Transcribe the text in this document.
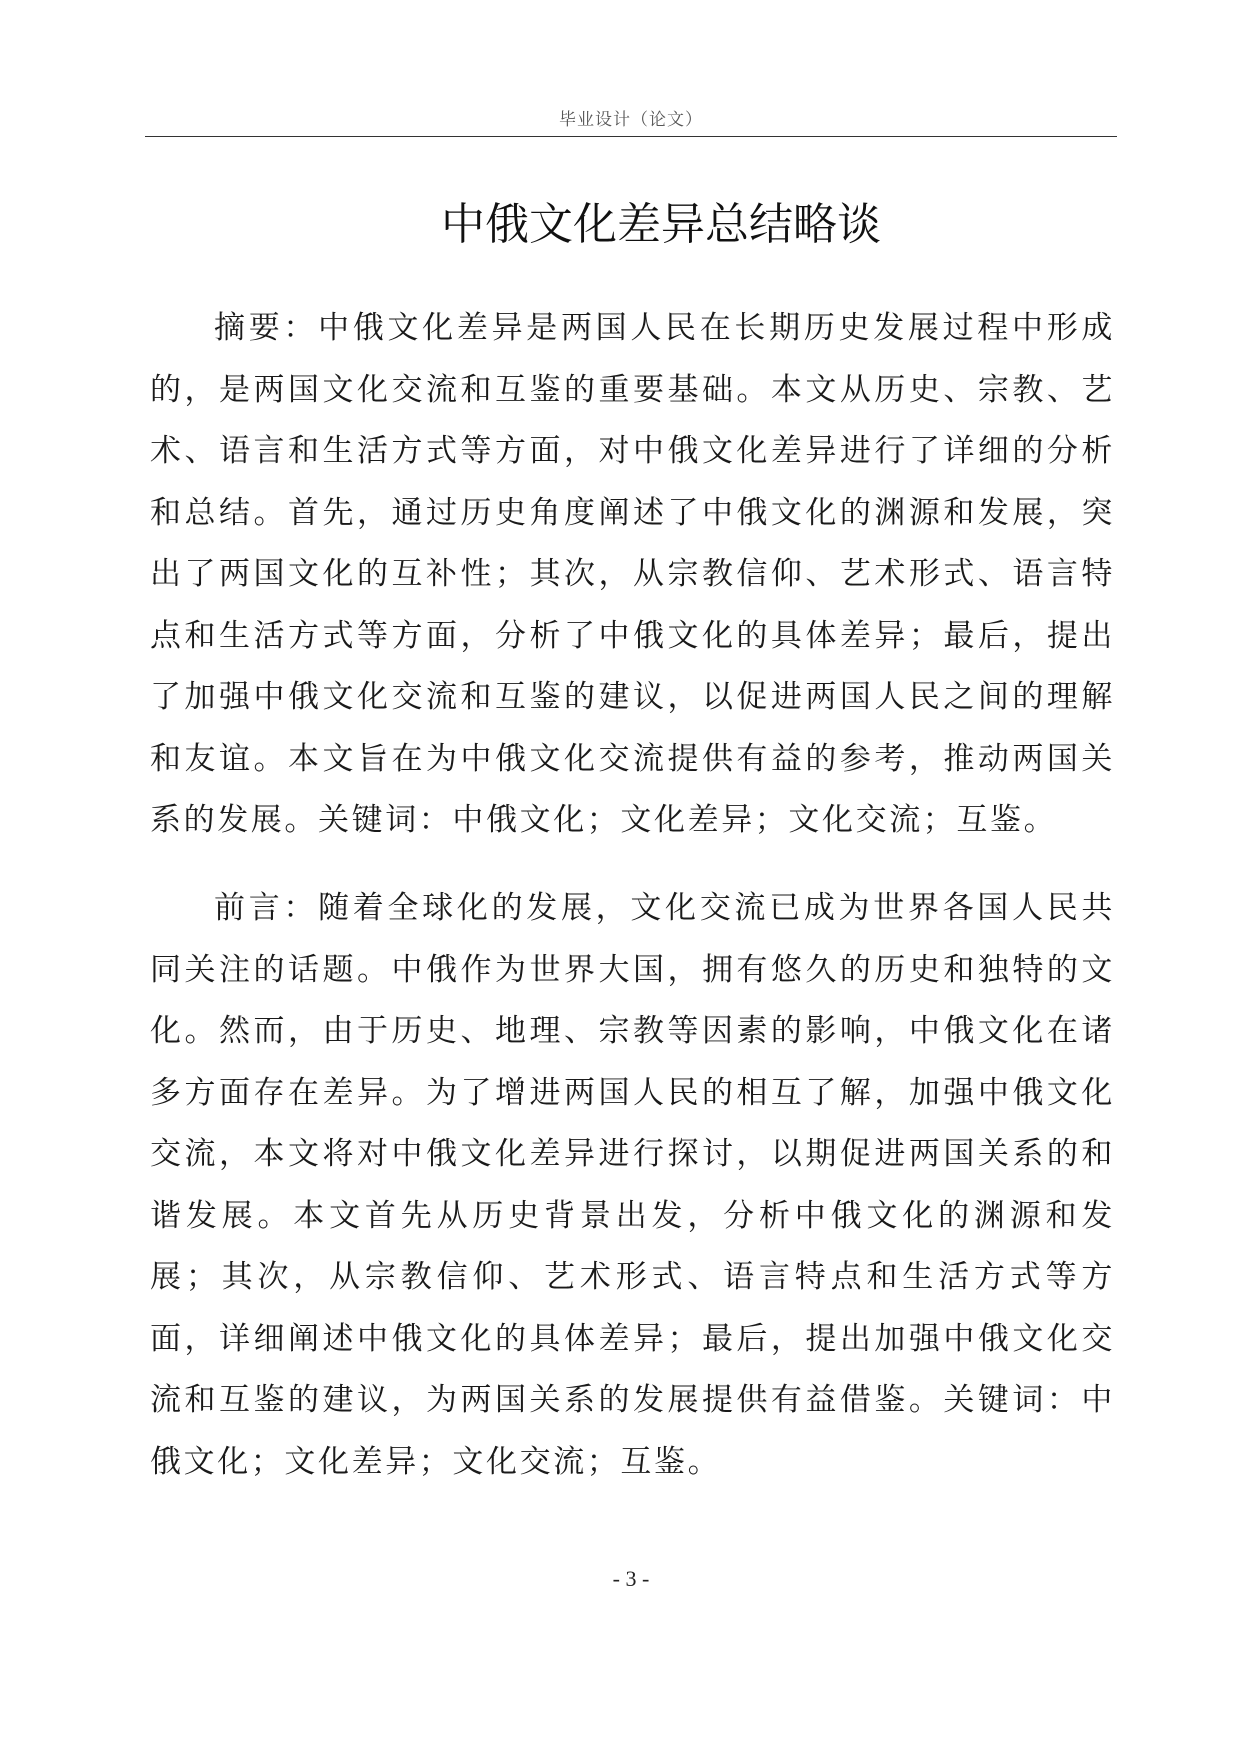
毕业设计（论文）
中俄文化差异总结略谈

摘要：中俄文化差异是两国人民在长期历史发展过程中形成的，是两国文化交流和互鉴的重要基础。本文从历史、宗教、艺术、语言和生活方式等方面，对中俄文化差异进行了详细的分析和总结。首先，通过历史角度阐述了中俄文化的渊源和发展，突出了两国文化的互补性；其次，从宗教信仰、艺术形式、语言特点和生活方式等方面，分析了中俄文化的具体差异；最后，提出了加强中俄文化交流和互鉴的建议，以促进两国人民之间的理解和友谊。本文旨在为中俄文化交流提供有益的参考，推动两国关系的发展。关键词：中俄文化；文化差异；文化交流；互鉴。

前言：随着全球化的发展，文化交流已成为世界各国人民共同关注的话题。中俄作为世界大国，拥有悠久的历史和独特的文化。然而，由于历史、地理、宗教等因素的影响，中俄文化在诸多方面存在差异。为了增进两国人民的相互了解，加强中俄文化交流，本文将对中俄文化差异进行探讨，以期促进两国关系的和谐发展。本文首先从历史背景出发，分析中俄文化的渊源和发展；其次，从宗教信仰、艺术形式、语言特点和生活方式等方面，详细阐述中俄文化的具体差异；最后，提出加强中俄文化交流和互鉴的建议，为两国关系的发展提供有益借鉴。关键词：中俄文化；文化差异；文化交流；互鉴。

- 3 -
